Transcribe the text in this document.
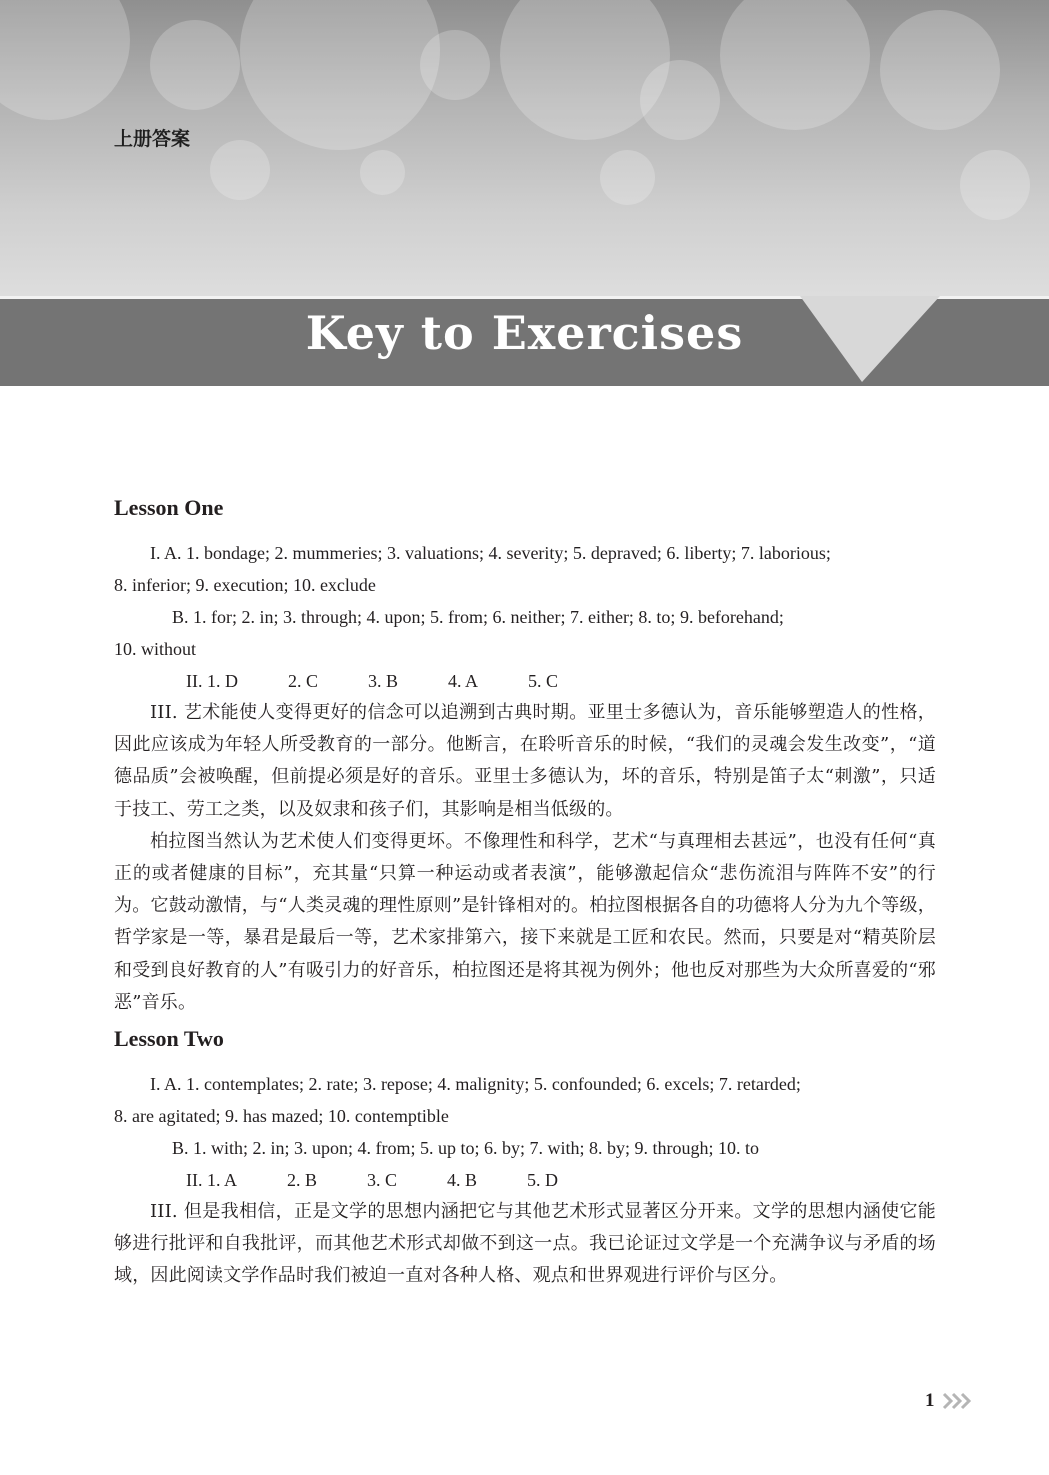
上册答案
Key to Exercises
Lesson One
I. A. 1. bondage; 2. mummeries; 3. valuations; 4. severity; 5. depraved; 6. liberty; 7. laborious;
8. inferior; 9. execution; 10. exclude
B. 1. for; 2. in; 3. through; 4. upon; 5. from; 6. neither; 7. either; 8. to; 9. beforehand;
10. without
II. 1. D	2. C	3. B	4. A	5. C

III. 艺术能使人变得更好的信念可以追溯到古典时期。亚里士多德认为，音乐能够塑造人的性格，因此应该成为年轻人所受教育的一部分。他断言，在聆听音乐的时候，“我们的灵魂会发生改变”，“道德品质”会被唤醒，但前提必须是好的音乐。亚里士多德认为，坏的音乐，特别是笛子太“刺激”，只适于技工、劳工之类，以及奴隶和孩子们，其影响是相当低级的。

柏拉图当然认为艺术使人们变得更坏。不像理性和科学，艺术“与真理相去甚远”，也没有任何“真正的或者健康的目标”，充其量“只算一种运动或者表演”，能够激起信众“悲伤流泪与阵阵不安”的行为。它鼓动激情，与“人类灵魂的理性原则”是针锋相对的。柏拉图根据各自的功德将人分为九个等级，哲学家是一等，暴君是最后一等，艺术家排第六，接下来就是工匠和农民。然而，只要是对“精英阶层和受到良好教育的人”有吸引力的好音乐，柏拉图还是将其视为例外；他也反对那些为大众所喜爱的“邪恶”音乐。

Lesson Two
I. A. 1. contemplates; 2. rate; 3. repose; 4. malignity; 5. confounded; 6. excels; 7. retarded;
8. are agitated; 9. has mazed; 10. contemptible
B. 1. with; 2. in; 3. upon; 4. from; 5. up to; 6. by; 7. with; 8. by; 9. through; 10. to
II. 1. A	2. B	3. C	4. B	5. D

III. 但是我相信，正是文学的思想内涵把它与其他艺术形式显著区分开来。文学的思想内涵使它能够进行批评和自我批评，而其他艺术形式却做不到这一点。我已论证过文学是一个充满争议与矛盾的场域，因此阅读文学作品时我们被迫一直对各种人格、观点和世界观进行评价与区分。

1
